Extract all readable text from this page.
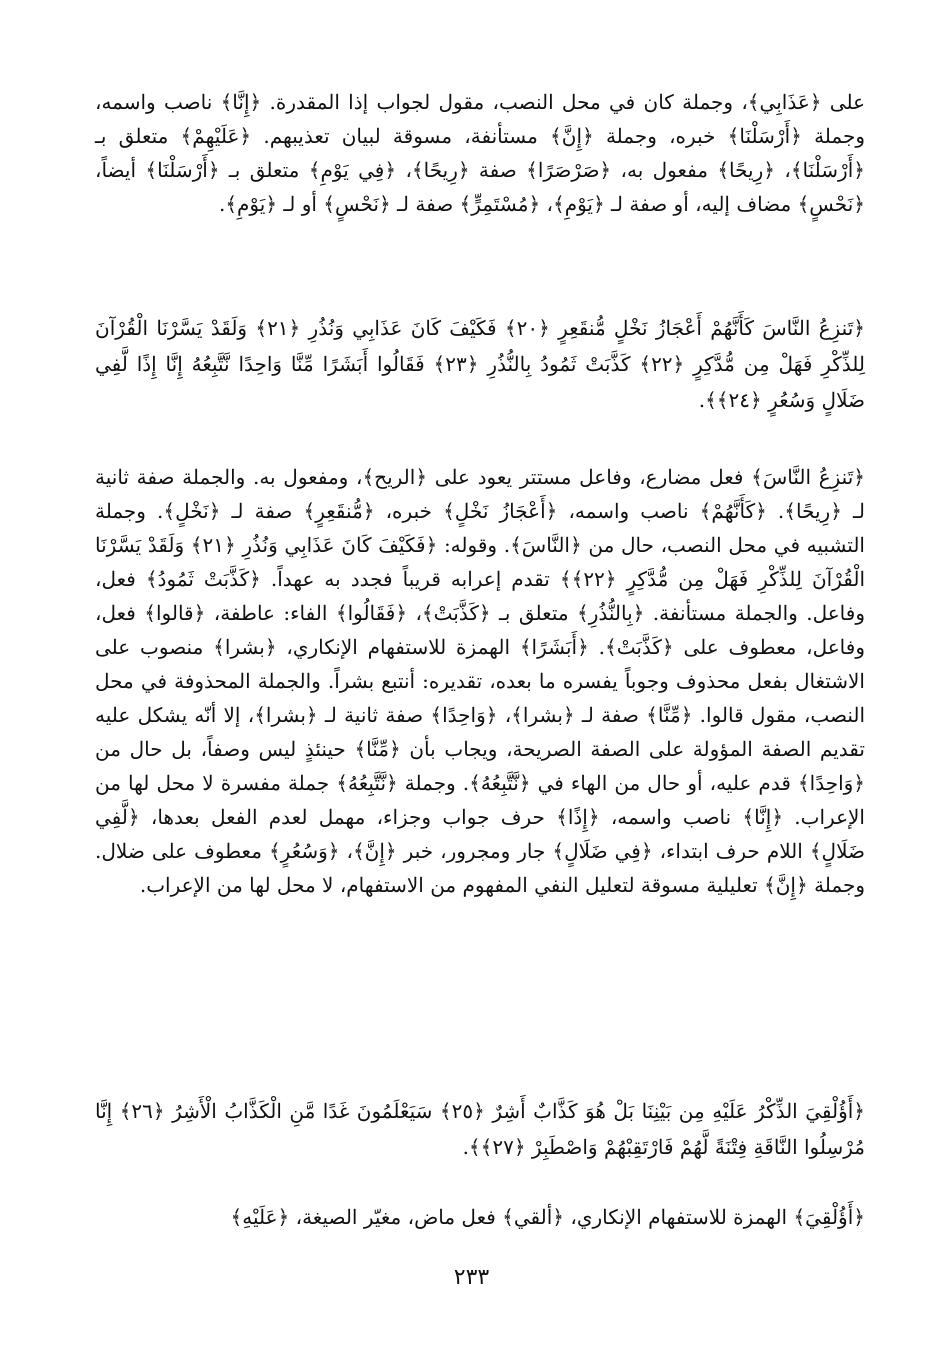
على ﴿عَذَابِي﴾، وجملة كان في محل النصب، مقول لجواب إذا المقدرة. ﴿إِنَّا﴾ ناصب واسمه، وجملة ﴿أَرْسَلْنَا﴾ خبره، وجملة ﴿إِنَّ﴾ مستأنفة، مسوقة لبيان تعذيبهم. ﴿عَلَيْهِمْ﴾ متعلق بـ ﴿أَرْسَلْنَا﴾، ﴿رِيحًا﴾ مفعول به، ﴿صَرْصَرًا﴾ صفة ﴿رِيحًا﴾، ﴿فِي يَوْمِ﴾ متعلق بـ ﴿أَرْسَلْنَا﴾ أيضاً، ﴿نَحْسٍ﴾ مضاف إليه، أو صفة لـ ﴿يَوْمِ﴾، ﴿مُسْتَمِرٍّ﴾ صفة لـ ﴿نَحْسٍ﴾ أو لـ ﴿يَوْمِ﴾.

﴿تَنزِعُ النَّاسَ كَأَنَّهُمْ أَعْجَازُ نَخْلٍ مُّنقَعِرٍ ﴿٢٠﴾ فَكَيْفَ كَانَ عَذَابِي وَنُذُرِ ﴿٢١﴾ وَلَقَدْ يَسَّرْنَا الْقُرْآنَ لِلذِّكْرِ فَهَلْ مِن مُّدَّكِرٍ ﴿٢٢﴾ كَذَّبَتْ ثَمُودُ بِالنُّذُرِ ﴿٢٣﴾ فَقَالُوا أَبَشَرًا مِّنَّا وَاحِدًا نَّتَّبِعُهُ إِنَّا إِذًا لَّفِي ضَلَالٍ وَسُعُرٍ ﴿٢٤﴾﴾.

﴿تَنزِعُ النَّاسَ﴾ فعل مضارع، وفاعل مستتر يعود على ﴿الريح﴾، ومفعول به. والجملة صفة ثانية لـ ﴿رِيحًا﴾. ﴿كَأَنَّهُمْ﴾ ناصب واسمه، ﴿أَعْجَازُ نَخْلٍ﴾ خبره، ﴿مُّنقَعِرٍ﴾ صفة لـ ﴿نَخْلٍ﴾. وجملة التشبيه في محل النصب، حال من ﴿النَّاسَ﴾. وقوله: ﴿فَكَيْفَ كَانَ عَذَابِي وَنُذُرِ ﴿٢١﴾ وَلَقَدْ يَسَّرْنَا الْقُرْآنَ لِلذِّكْرِ فَهَلْ مِن مُّدَّكِرٍ ﴿٢٢﴾﴾ تقدم إعرابه قريباً فجدد به عهداً. ﴿كَذَّبَتْ ثَمُودُ﴾ فعل، وفاعل. والجملة مستأنفة. ﴿بِالنُّذُرِ﴾ متعلق بـ ﴿كَذَّبَتْ﴾، ﴿فَقَالُوا﴾ الفاء: عاطفة، ﴿قالوا﴾ فعل، وفاعل، معطوف على ﴿كَذَّبَتْ﴾. ﴿أَبَشَرًا﴾ الهمزة للاستفهام الإنكاري، ﴿بشرا﴾ منصوب على الاشتغال بفعل محذوف وجوباً يفسره ما بعده، تقديره: أنتبع بشراً. والجملة المحذوفة في محل النصب، مقول قالوا. ﴿مِّنَّا﴾ صفة لـ ﴿بشرا﴾، ﴿وَاحِدًا﴾ صفة ثانية لـ ﴿بشرا﴾، إلا أنّه يشكل عليه تقديم الصفة المؤولة على الصفة الصريحة، ويجاب بأن ﴿مِّنَّا﴾ حينئذٍ ليس وصفاً، بل حال من ﴿وَاحِدًا﴾ قدم عليه، أو حال من الهاء في ﴿نَّتَّبِعُهُ﴾. وجملة ﴿نَّتَّبِعُهُ﴾ جملة مفسرة لا محل لها من الإعراب. ﴿إِنَّا﴾ ناصب واسمه، ﴿إِذًا﴾ حرف جواب وجزاء، مهمل لعدم الفعل بعدها، ﴿لَّفِي ضَلَالٍ﴾ اللام حرف ابتداء، ﴿فِي ضَلَالٍ﴾ جار ومجرور، خبر ﴿إِنَّ﴾، ﴿وَسُعُرٍ﴾ معطوف على ضلال. وجملة ﴿إِنَّ﴾ تعليلية مسوقة لتعليل النفي المفهوم من الاستفهام، لا محل لها من الإعراب.

﴿أَؤُلْقِيَ الذِّكْرُ عَلَيْهِ مِن بَيْنِنَا بَلْ هُوَ كَذَّابٌ أَشِرٌ ﴿٢٥﴾ سَيَعْلَمُونَ غَدًا مَّنِ الْكَذَّابُ الْأَشِرُ ﴿٢٦﴾ إِنَّا مُرْسِلُوا النَّاقَةِ فِتْنَةً لَّهُمْ فَارْتَقِبْهُمْ وَاصْطَبِرْ ﴿٢٧﴾﴾.

﴿أَؤُلْقِيَ﴾ الهمزة للاستفهام الإنكاري، ﴿ألقي﴾ فعل ماض، مغيّر الصيغة، ﴿عَلَيْهِ﴾

٢٣٣
